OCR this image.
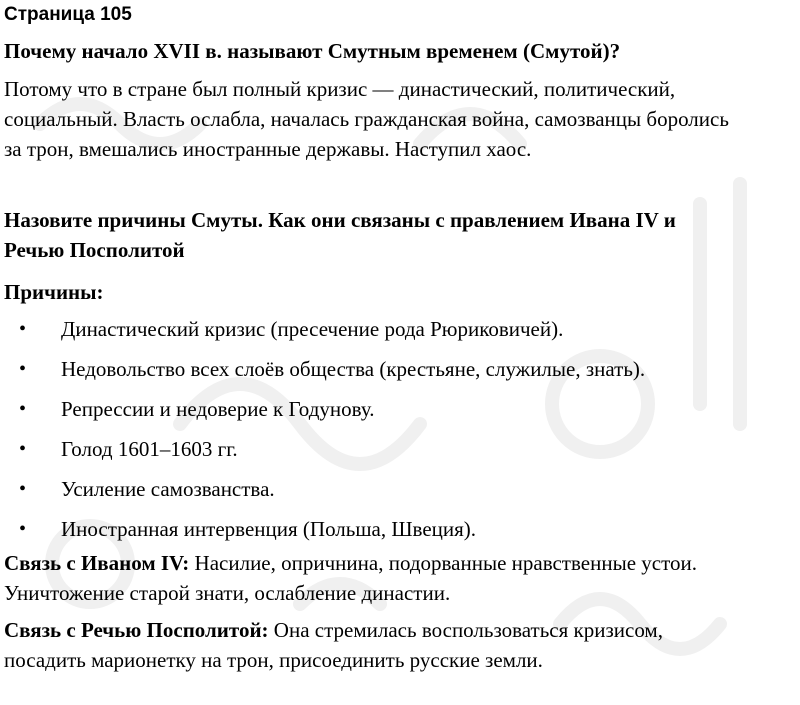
Страница 105
Почему начало XVII в. называют Смутным временем (Смутой)?
Потому что в стране был полный кризис — династический, политический,
социальный. Власть ослабла, началась гражданская война, самозванцы боролись
за трон, вмешались иностранные державы. Наступил хаос.
Назовите причины Смуты. Как они связаны с правлением Ивана IV и
Речью Посполитой
Причины:
• Династический кризис (пресечение рода Рюриковичей).
• Недовольство всех слоёв общества (крестьяне, служилые, знать).
• Репрессии и недоверие к Годунову.
• Голод 1601–1603 гг.
• Усиление самозванства.
• Иностранная интервенция (Польша, Швеция).
Связь с Иваном IV: Насилие, опричнина, подорванные нравственные устои.
Уничтожение старой знати, ослабление династии.
Связь с Речью Посполитой: Она стремилась воспользоваться кризисом,
посадить марионетку на трон, присоединить русские земли.
